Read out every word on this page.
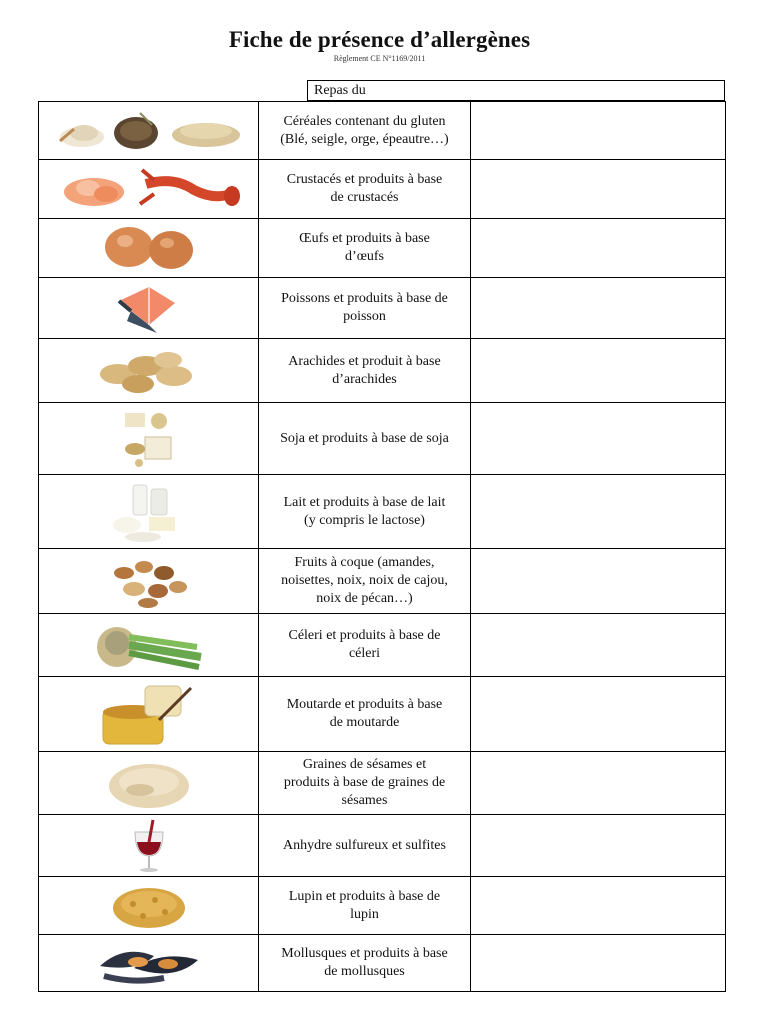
Fiche de présence d’allergènes
Règlement CE N°1169/2011
Repas du

Céréales contenant du gluten
(Blé, seigle, orge, épeautre…)	

Crustacés et produits à base
de crustacés	

Œufs et produits à base
d’œufs	

Poissons et produits à base de
poisson	

Arachides et produit à base
d’arachides	

Soja et produits à base de soja	

Lait et produits à base de lait
(y compris le lactose)	

Fruits à coque (amandes,
noisettes, noix, noix de cajou,
noix de pécan…)	

Céleri et produits à base de
céleri	

Moutarde et produits à base
de moutarde	

Graines de sésames et
produits à base de graines de
sésames	

Anhydre sulfureux et sulfites	

Lupin et produits à base de
lupin	

Mollusques et produits à base
de mollusques	
